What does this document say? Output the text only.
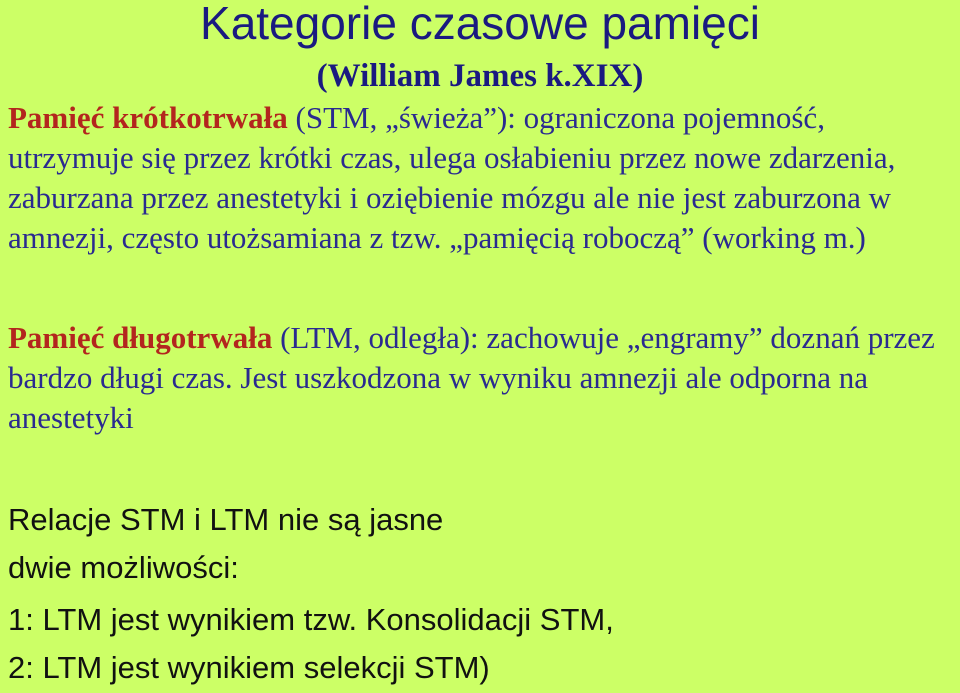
Kategorie czasowe pamięci
(William James k.XIX)

Pamięć krótkotrwała (STM, „świeża”): ograniczona pojemność, utrzymuje się przez krótki czas, ulega osłabieniu przez nowe zdarzenia, zaburzana przez anestetyki i oziębienie mózgu ale nie jest zaburzona w amnezji, często utożsamiana z tzw. „pamięcią roboczą” (working m.)

Pamięć długotrwała (LTM, odległa): zachowuje „engramy” doznań przez bardzo długi czas. Jest uszkodzona w wyniku amnezji ale odporna na anestetyki

Relacje STM i LTM nie są jasne

dwie możliwości:

1: LTM jest wynikiem tzw. Konsolidacji STM,

2: LTM jest wynikiem selekcji STM)
